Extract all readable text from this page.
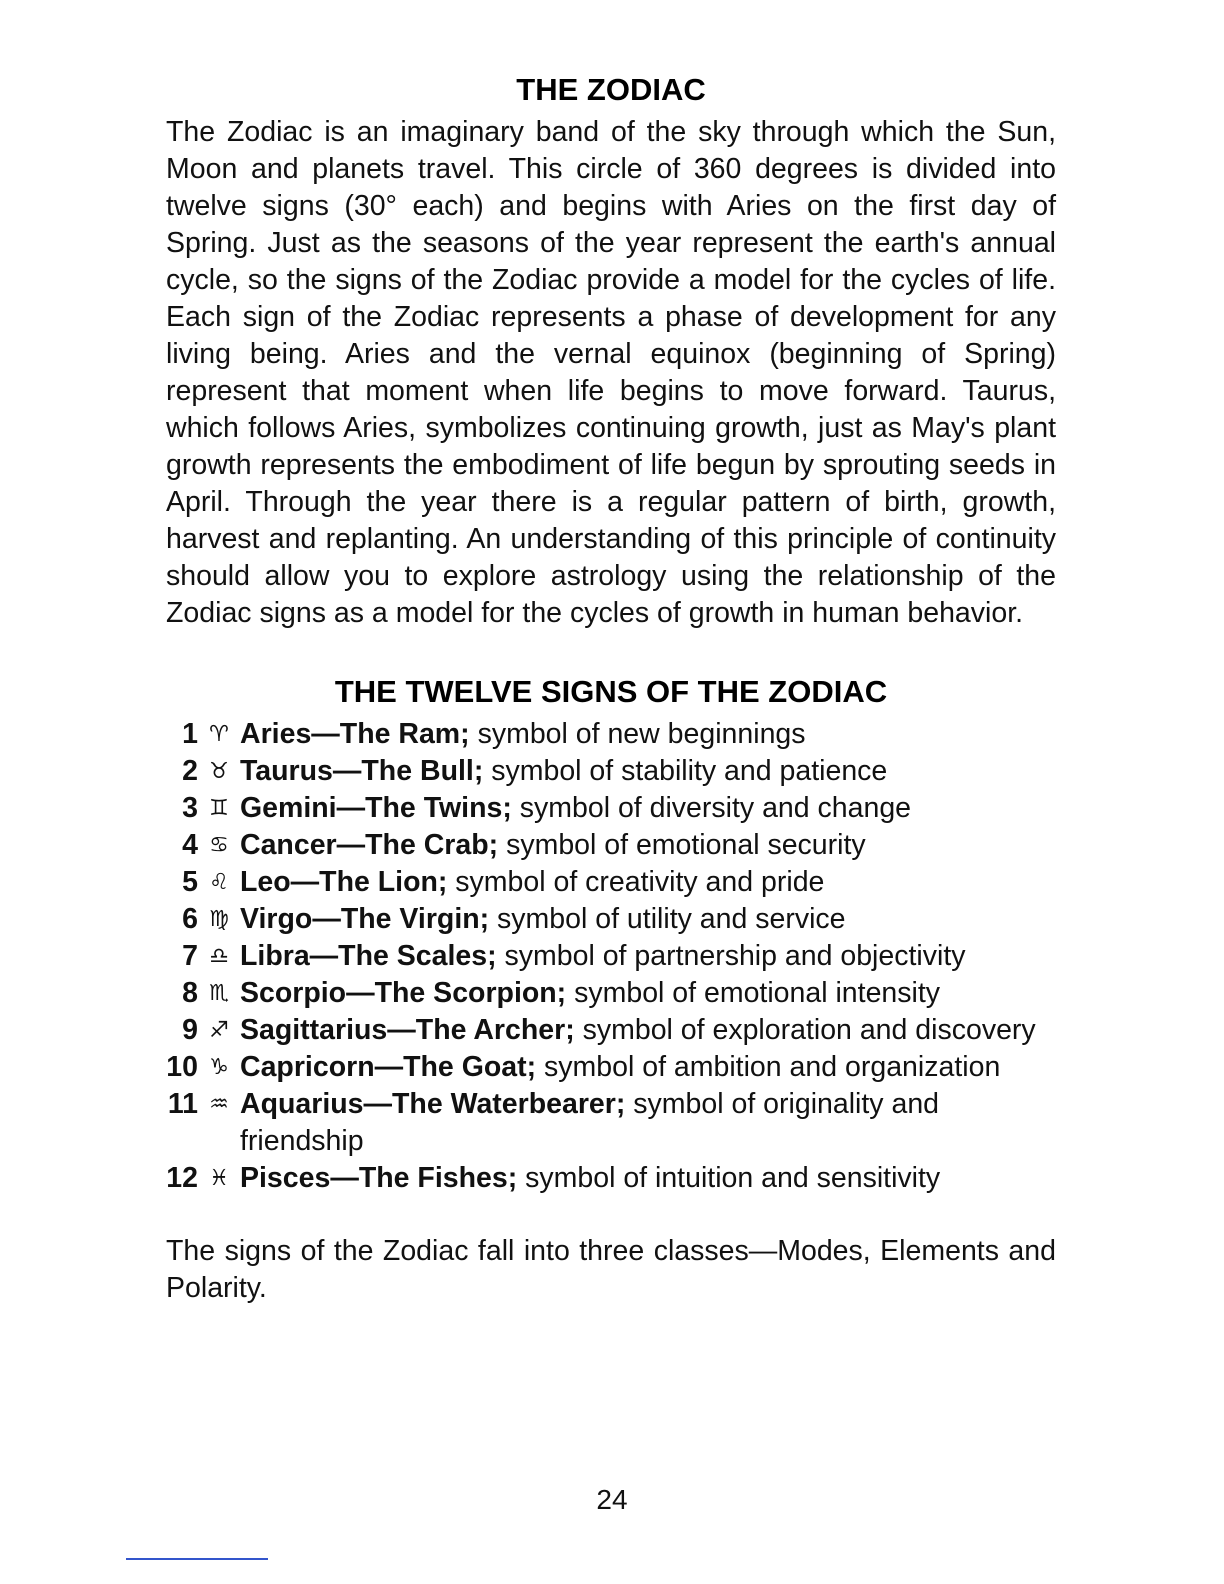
THE ZODIAC

The Zodiac is an imaginary band of the sky through which the Sun, Moon and planets travel. This circle of 360 degrees is divided into twelve signs (30° each) and begins with Aries on the first day of Spring. Just as the seasons of the year represent the earth's annual cycle, so the signs of the Zodiac provide a model for the cycles of life. Each sign of the Zodiac represents a phase of development for any living being. Aries and the vernal equinox (beginning of Spring) represent that moment when life begins to move forward. Taurus, which follows Aries, symbolizes continuing growth, just as May's plant growth represents the embodiment of life begun by sprouting seeds in April. Through the year there is a regular pattern of birth, growth, harvest and replanting. An understanding of this principle of continuity should allow you to explore astrology using the relationship of the Zodiac signs as a model for the cycles of growth in human behavior.

THE TWELVE SIGNS OF THE ZODIAC
1 ♈ Aries—The Ram; symbol of new beginnings
2 ♉ Taurus—The Bull; symbol of stability and patience
3 ♊ Gemini—The Twins; symbol of diversity and change
4 ♋ Cancer—The Crab; symbol of emotional security
5 ♌ Leo—The Lion; symbol of creativity and pride
6 ♍ Virgo—The Virgin; symbol of utility and service
7 ♎ Libra—The Scales; symbol of partnership and objectivity
8 ♏ Scorpio—The Scorpion; symbol of emotional intensity
9 ♐ Sagittarius—The Archer; symbol of exploration and discovery
10 ♑ Capricorn—The Goat; symbol of ambition and organization
11 ♒ Aquarius—The Waterbearer; symbol of originality and friendship
12 ♓ Pisces—The Fishes; symbol of intuition and sensitivity

The signs of the Zodiac fall into three classes—Modes, Elements and Polarity.

24
